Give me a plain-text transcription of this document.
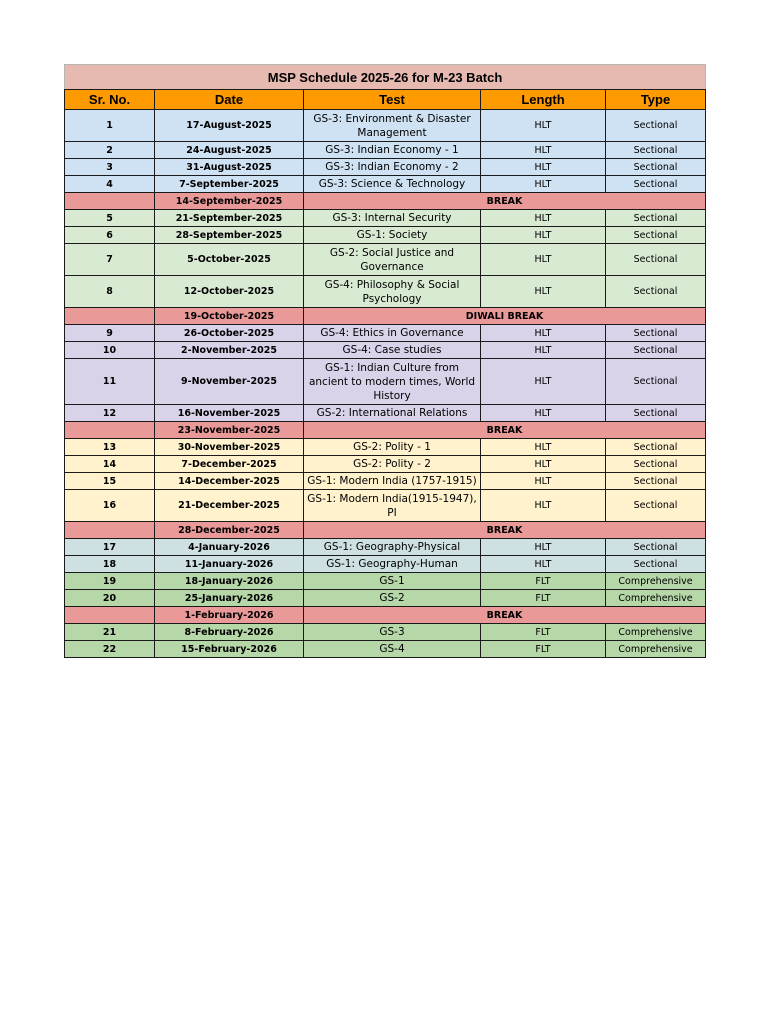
MSP Schedule 2025-26 for M-23 Batch				
Sr. No.	Date	Test	Length	Type
1	17-August-2025	GS-3: Environment & Disaster Management	HLT	Sectional
2	24-August-2025	GS-3: Indian Economy - 1	HLT	Sectional
3	31-August-2025	GS-3: Indian Economy - 2	HLT	Sectional
4	7-September-2025	GS-3: Science & Technology	HLT	Sectional
	14-September-2025	BREAK		
5	21-September-2025	GS-3: Internal Security	HLT	Sectional
6	28-September-2025	GS-1: Society	HLT	Sectional
7	5-October-2025	GS-2: Social Justice and Governance	HLT	Sectional
8	12-October-2025	GS-4: Philosophy & Social Psychology	HLT	Sectional
	19-October-2025	DIWALI BREAK		
9	26-October-2025	GS-4: Ethics in Governance	HLT	Sectional
10	2-November-2025	GS-4: Case studies	HLT	Sectional
11	9-November-2025	GS-1: Indian Culture from ancient to modern times, World History	HLT	Sectional
12	16-November-2025	GS-2: International Relations	HLT	Sectional
	23-November-2025	BREAK		
13	30-November-2025	GS-2: Polity - 1	HLT	Sectional
14	7-December-2025	GS-2: Polity - 2	HLT	Sectional
15	14-December-2025	GS-1: Modern India (1757-1915)	HLT	Sectional
16	21-December-2025	GS-1: Modern India(1915-1947), PI	HLT	Sectional
	28-December-2025	BREAK		
17	4-January-2026	GS-1: Geography-Physical	HLT	Sectional
18	11-January-2026	GS-1: Geography-Human	HLT	Sectional
19	18-January-2026	GS-1	FLT	Comprehensive
20	25-January-2026	GS-2	FLT	Comprehensive
	1-February-2026	BREAK		
21	8-February-2026	GS-3	FLT	Comprehensive
22	15-February-2026	GS-4	FLT	Comprehensive
